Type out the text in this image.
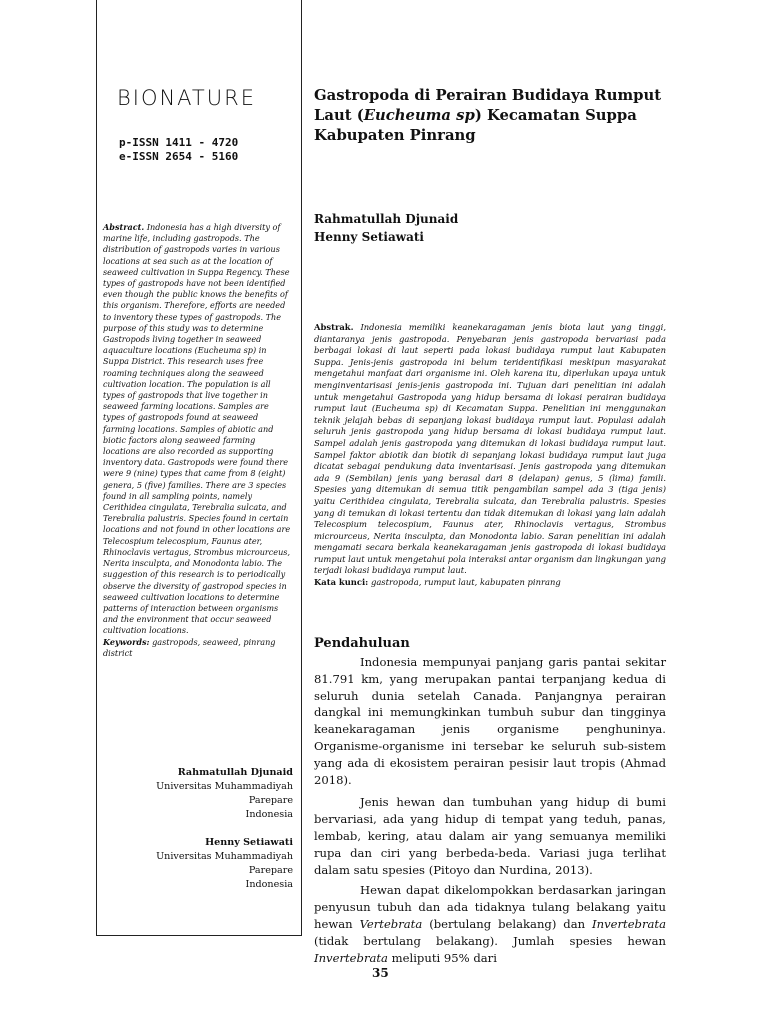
BIONATURE
p-ISSN 1411 - 4720
e-ISSN 2654 - 5160
Abstract. Indonesia has a high diversity of marine life, including gastropods. The distribution of gastropods varies in various locations at sea such as at the location of seaweed cultivation in Suppa Regency. These types of gastropods have not been identified even though the public knows the benefits of this organism. Therefore, efforts are needed to inventory these types of gastropods. The purpose of this study was to determine Gastropods living together in seaweed aquaculture locations (Eucheuma sp) in Suppa District. This research uses free roaming techniques along the seaweed cultivation location. The population is all types of gastropods that live together in seaweed farming locations. Samples are types of gastropods found at seaweed farming locations. Samples of abiotic and biotic factors along seaweed farming locations are also recorded as supporting inventory data. Gastropods were found there were 9 (nine) types that came from 8 (eight) genera, 5 (five) families. There are 3 species found in all sampling points, namely Cerithidea cingulata, Terebralia sulcata, and Terebralia palustris. Species found in certain locations and not found in other locations are Telecospium telecospium, Faunus ater, Rhinoclavis vertagus, Strombus microurceus, Nerita insculpta, and Monodonta labio. The suggestion of this research is to periodically observe the diversity of gastropod species in seaweed cultivation locations to determine patterns of interaction between organisms and the environment that occur seaweed cultivation locations.
Keywords: gastropods, seaweed, pinrang district
Rahmatullah Djunaid
Universitas Muhammadiyah
Parepare
Indonesia
Henny Setiawati
Universitas Muhammadiyah
Parepare
Indonesia
Gastropoda di Perairan Budidaya Rumput Laut (Eucheuma sp) Kecamatan Suppa Kabupaten Pinrang
Rahmatullah Djunaid
Henny Setiawati
Abstrak. Indonesia memiliki keanekaragaman jenis biota laut yang tinggi, diantaranya jenis gastropoda. Penyebaran jenis gastropoda bervariasi pada berbagai lokasi di laut seperti pada lokasi budidaya rumput laut Kabupaten Suppa. Jenis-jenis gastropoda ini belum teridentifikasi meskipun masyarakat mengetahui manfaat dari organisme ini. Oleh karena itu, diperlukan upaya untuk menginventarisasi jenis-jenis gastropoda ini. Tujuan dari penelitian ini adalah untuk mengetahui Gastropoda yang hidup bersama di lokasi perairan budidaya rumput laut (Eucheuma sp) di Kecamatan Suppa. Penelitian ini menggunakan teknik jelajah bebas di sepanjang lokasi budidaya rumput laut. Populasi adalah seluruh jenis gastropoda yang hidup bersama di lokasi budidaya rumput laut. Sampel adalah jenis gastropoda yang ditemukan di lokasi budidaya rumput laut. Sampel faktor abiotik dan biotik di sepanjang lokasi budidaya rumput laut juga dicatat sebagai pendukung data inventarisasi. Jenis gastropoda yang ditemukan ada 9 (Sembilan) jenis yang berasal dari 8 (delapan) genus, 5 (lima) famili. Spesies yang ditemukan di semua titik pengambilan sampel ada 3 (tiga jenis) yaitu Cerithidea cingulata, Terebralia sulcata, dan Terebralia palustris. Spesies yang di temukan di lokasi tertentu dan tidak ditemukan di lokasi yang lain adalah Telecospium telecospium, Faunus ater, Rhinoclavis vertagus, Strombus microurceus, Nerita insculpta, dan Monodonta labio. Saran penelitian ini adalah mengamati secara berkala keanekaragaman jenis gastropoda di lokasi budidaya rumput laut untuk mengetahui pola interaksi antar organism dan lingkungan yang terjadi lokasi budidaya rumput laut.
Kata kunci: gastropoda, rumput laut, kabupaten pinrang
Pendahuluan

Indonesia mempunyai panjang garis pantai sekitar 81.791 km, yang merupakan pantai terpanjang kedua di seluruh dunia setelah Canada. Panjangnya perairan dangkal ini memungkinkan tumbuh subur dan tingginya keanekaragaman jenis organisme penghuninya. Organisme-organisme ini tersebar ke seluruh sub-sistem yang ada di ekosistem perairan pesisir laut tropis (Ahmad 2018).

Jenis hewan dan tumbuhan yang hidup di bumi bervariasi, ada yang hidup di tempat yang teduh, panas, lembab, kering, atau dalam air yang semuanya memiliki rupa dan ciri yang berbeda-beda. Variasi juga terlihat dalam satu spesies (Pitoyo dan Nurdina, 2013).

Hewan dapat dikelompokkan berdasarkan jaringan penyusun tubuh dan ada tidaknya tulang belakang yaitu hewan Vertebrata (bertulang belakang) dan Invertebrata (tidak bertulang belakang). Jumlah spesies hewan Invertebrata meliputi 95% dari

35
